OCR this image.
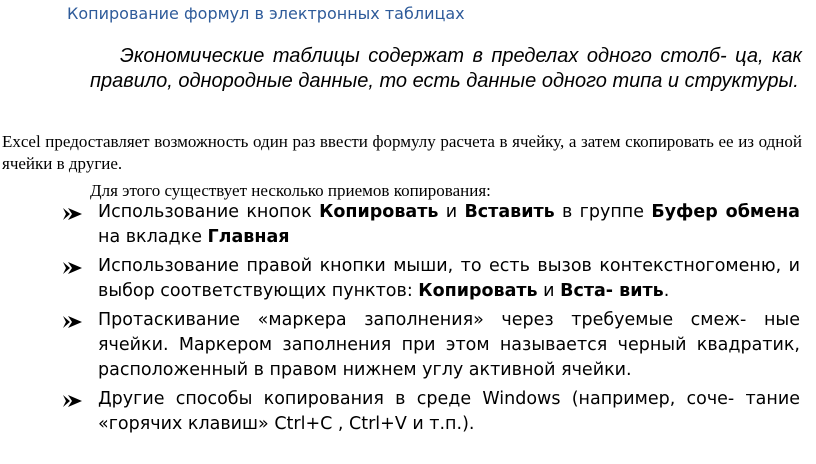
Копирование формул в электронных таблицах
Экономические таблицы содержат в пределах одного столб- ца, как правило, однородные данные, то есть данные одного типа и структуры.
Excel предоставляет возможность один раз ввести формулу расчета в ячейку, а затем скопировать ее из одной ячейки в другие.
Для этого существует несколько приемов копирования:
Использование кнопок Копировать и Вставить в группе Буфер обмена на вкладке Главная
Использование правой кнопки мыши, то есть вызов контекстногоменю, и выбор соответствующих пунктов: Копировать и Вста- вить.
Протаскивание «маркера заполнения» через требуемые смеж- ные ячейки. Маркером заполнения при этом называется черный квадратик, расположенный в правом нижнем углу активной ячейки.
Другие способы копирования в среде Windows (например, соче- тание «горячих клавиш» Ctrl+C , Ctrl+V и т.п.).
